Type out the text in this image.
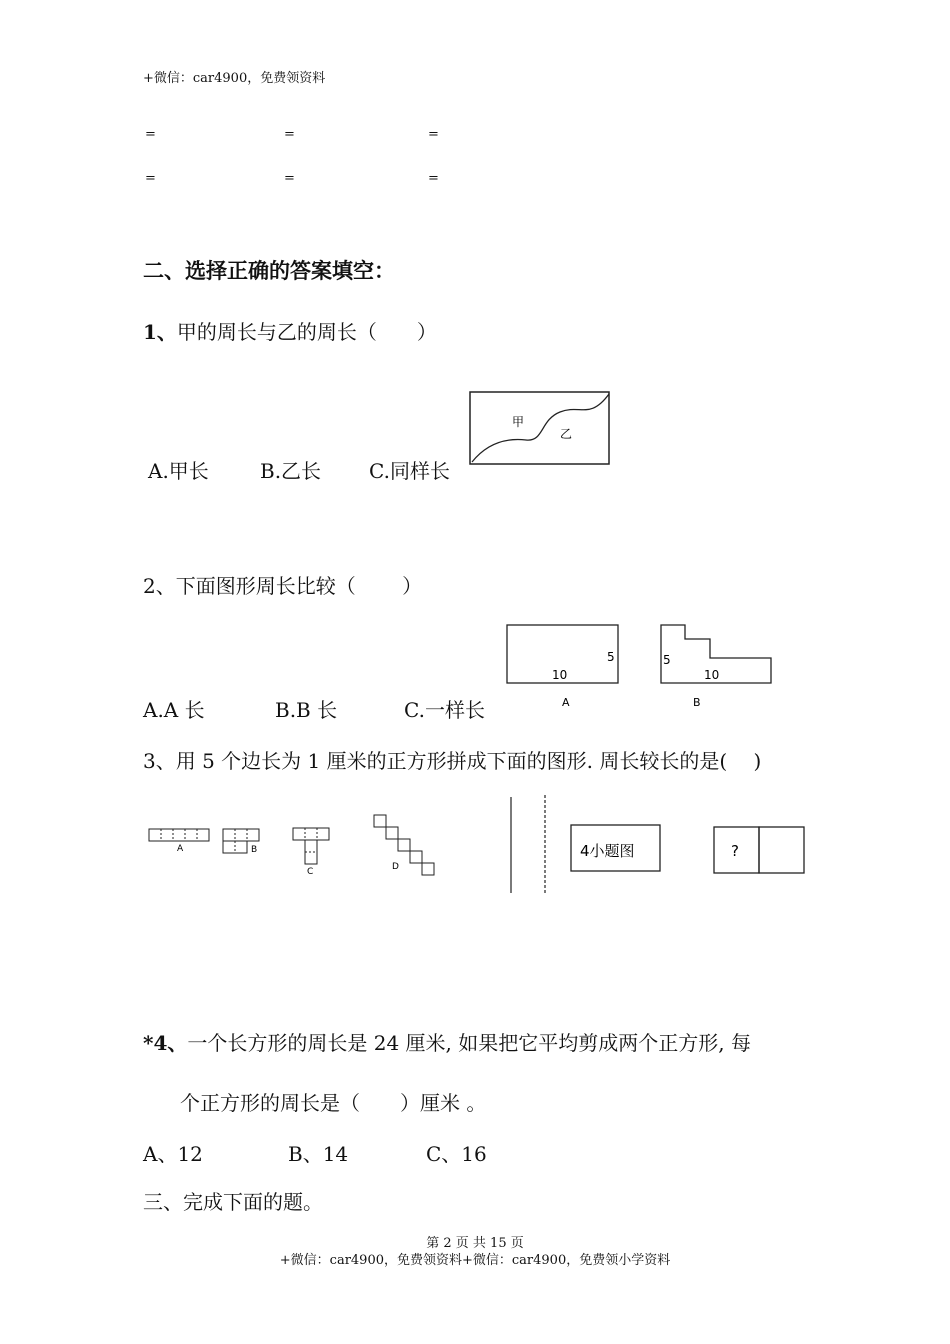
+微信：car4900，免费领资料
=	=	=
=	=	=
二、选择正确的答案填空：
1、甲的周长与乙的周长（　　）
A.甲长	B.乙长 C.同样长
甲
乙
2、下面图形周长比较（　　 ）
A.A 长	B.B 长	C.一样长
10
5
A
5
10
B
3、用 5 个边长为 1 厘米的正方形拼成下面的图形. 周长较长的是(　 )
A	B
C	D
4小题图	?
*4、一个长方形的周长是 24 厘米, 如果把它平均剪成两个正方形, 每
个正方形的周长是（　　）厘米 。
A、12	B、14	C、16
三、完成下面的题。
第 2 页 共 15 页
+微信：car4900，免费领资料+微信：car4900，免费领小学资料
